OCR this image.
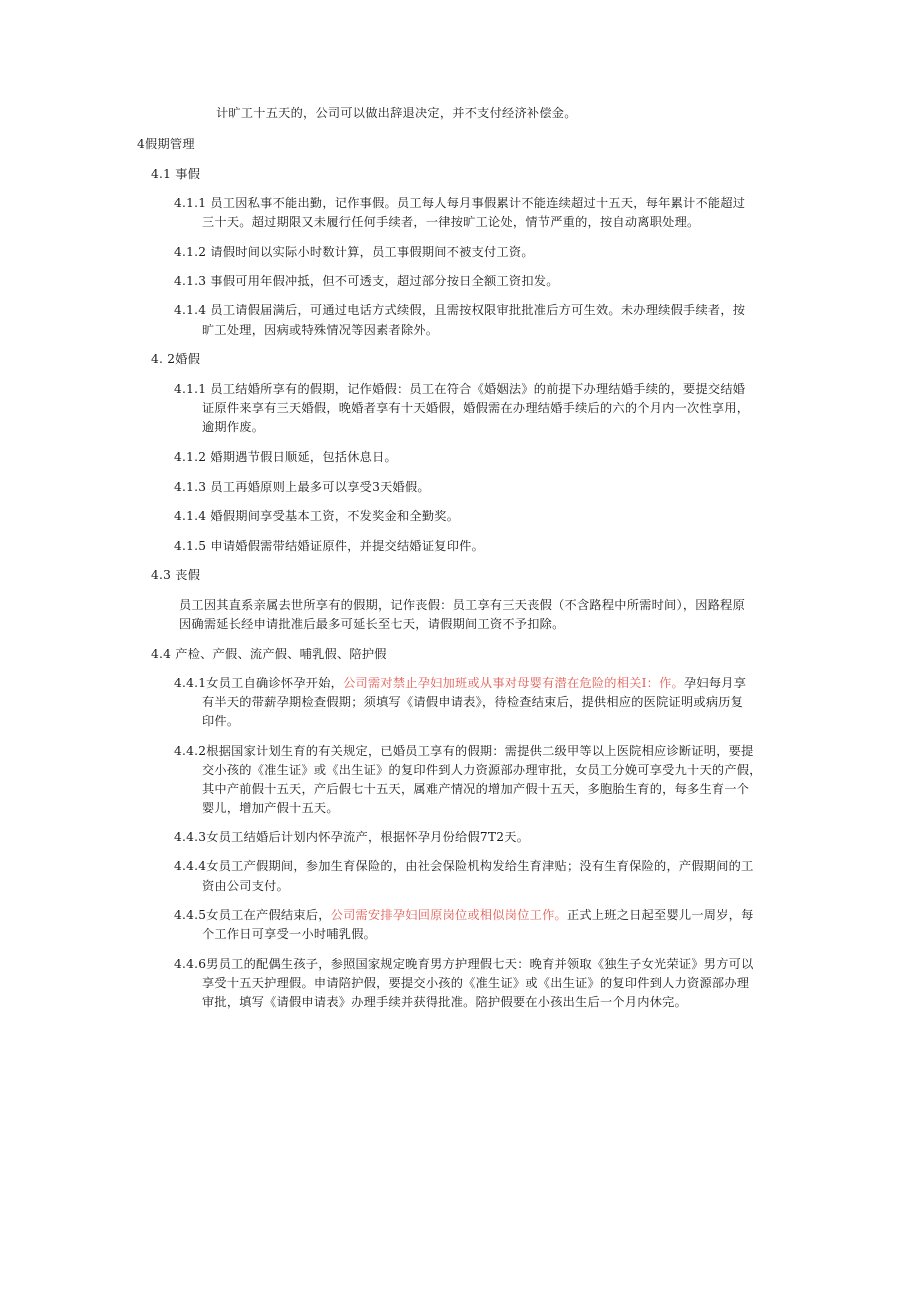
计旷工十五天的，公司可以做出辞退决定，并不支付经济补偿金。

4假期管理

4.1 事假

4.1.1 员工因私事不能出勤，记作事假。员工每人每月事假累计不能连续超过十五天，每年累计不能超过

三十天。超过期限又未履行任何手续者，一律按旷工论处，情节严重的，按自动离职处理。

4.1.2 请假时间以实际小时数计算，员工事假期间不被支付工资。

4.1.3 事假可用年假冲抵，但不可透支，超过部分按日全额工资扣发。

4.1.4 员工请假届满后，可通过电话方式续假，且需按权限审批批准后方可生效。未办理续假手续者，按

旷工处理，因病或特殊情况等因素者除外。

4. 2婚假

4.1.1 员工结婚所享有的假期，记作婚假：员工在符合《婚姻法》的前提下办理结婚手续的，要提交结婚

证原件来享有三天婚假，晚婚者享有十天婚假，婚假需在办理结婚手续后的六的个月内一次性享用，

逾期作废。

4.1.2 婚期遇节假日顺延，包括休息日。

4.1.3 员工再婚原则上最多可以享受3天婚假。

4.1.4 婚假期间享受基本工资，不发奖金和全勤奖。

4.1.5 申请婚假需带结婚证原件，并提交结婚证复印件。

4.3 丧假

员工因其直系亲属去世所享有的假期，记作丧假：员工享有三天丧假（不含路程中所需时间），因路程原

因确需延长经申请批准后最多可延长至七天，请假期间工资不予扣除。

4.4 产检、产假、流产假、哺乳假、陪护假

4.4.1女员工自确诊怀孕开始，公司需对禁止孕妇加班或从事对母婴有潜在危险的相关I：作。孕妇每月享

有半天的带薪孕期检查假期；须填写《请假申请表》，待检查结束后，提供相应的医院证明或病历复

印件。

4.4.2根据国家计划生育的有关规定，已婚员工享有的假期：需提供二级甲等以上医院相应诊断证明，要提

交小孩的《准生证》或《出生证》的复印件到人力资源部办理审批，女员工分娩可享受九十天的产假，

其中产前假十五天，产后假七十五天，属难产情况的增加产假十五天，多胞胎生育的，每多生育一个

婴儿，增加产假十五天。

4.4.3女员工结婚后计划内怀孕流产，根据怀孕月份给假7T2天。

4.4.4女员工产假期间，参加生育保险的，由社会保险机构发给生育津贴；没有生育保险的，产假期间的工

资由公司支付。

4.4.5女员工在产假结束后，公司需安排孕妇回原岗位或相似岗位工作。正式上班之日起至婴儿一周岁，每

个工作日可享受一小时哺乳假。

4.4.6男员工的配偶生孩子，参照国家规定晚育男方护理假七天：晚育并领取《独生子女光荣证》男方可以

享受十五天护理假。申请陪护假，要提交小孩的《准生证》或《出生证》的复印件到人力资源部办理

审批，填写《请假申请表》办理手续并获得批准。陪护假要在小孩出生后一个月内休完。
